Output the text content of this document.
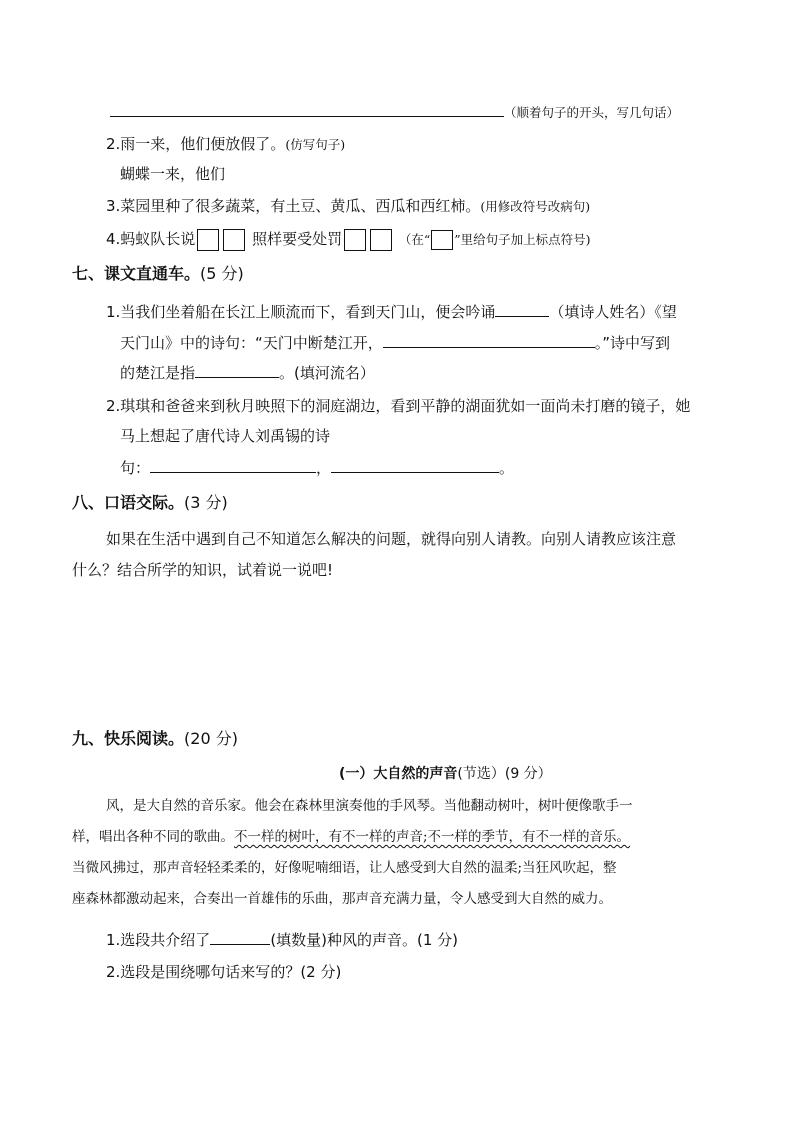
（顺着句子的开头，写几句话）
2.雨一来，他们便放假了。(仿写句子)
蝴蝶一来，他们
3.菜园里种了很多蔬菜，有土豆、黄瓜、西瓜和西红柿。(用修改符号改病句)
4.蚂蚁队长说	照样要受处罚	（在“ ”里给句子加上标点符号)
七、课文直通车。(5 分)
1.当我们坐着船在长江上顺流而下，看到天门山，便会吟诵	（填诗人姓名）《望
天门山》中的诗句：“天门中断楚江开，	。”诗中写到
的楚江是指	。(填河流名）
2.琪琪和爸爸来到秋月映照下的洞庭湖边，看到平静的湖面犹如一面尚未打磨的镜子，她
马上想起了唐代诗人刘禹锡的诗
句：	，	。
八、口语交际。(3 分)
如果在生活中遇到自己不知道怎么解决的问题，就得向别人请教。向别人请教应该注意
什么？结合所学的知识，试着说一说吧!
九、快乐阅读。(20 分)
(一）大自然的声音(节选）(9 分）
风，是大自然的音乐家。他会在森林里演奏他的手风琴。当他翻动树叶，树叶便像歌手一
样，唱出各种不同的歌曲。不一样的树叶，有不一样的声音;不一样的季节，有不一样的音乐。
当微风拂过，那声音轻轻柔柔的，好像呢喃细语，让人感受到大自然的温柔;当狂风吹起，整
座森林都激动起来，合奏出一首雄伟的乐曲，那声音充满力量，令人感受到大自然的威力。
1.选段共介绍了	(填数量)种风的声音。(1 分)
2.选段是围绕哪句话来写的？(2 分)
